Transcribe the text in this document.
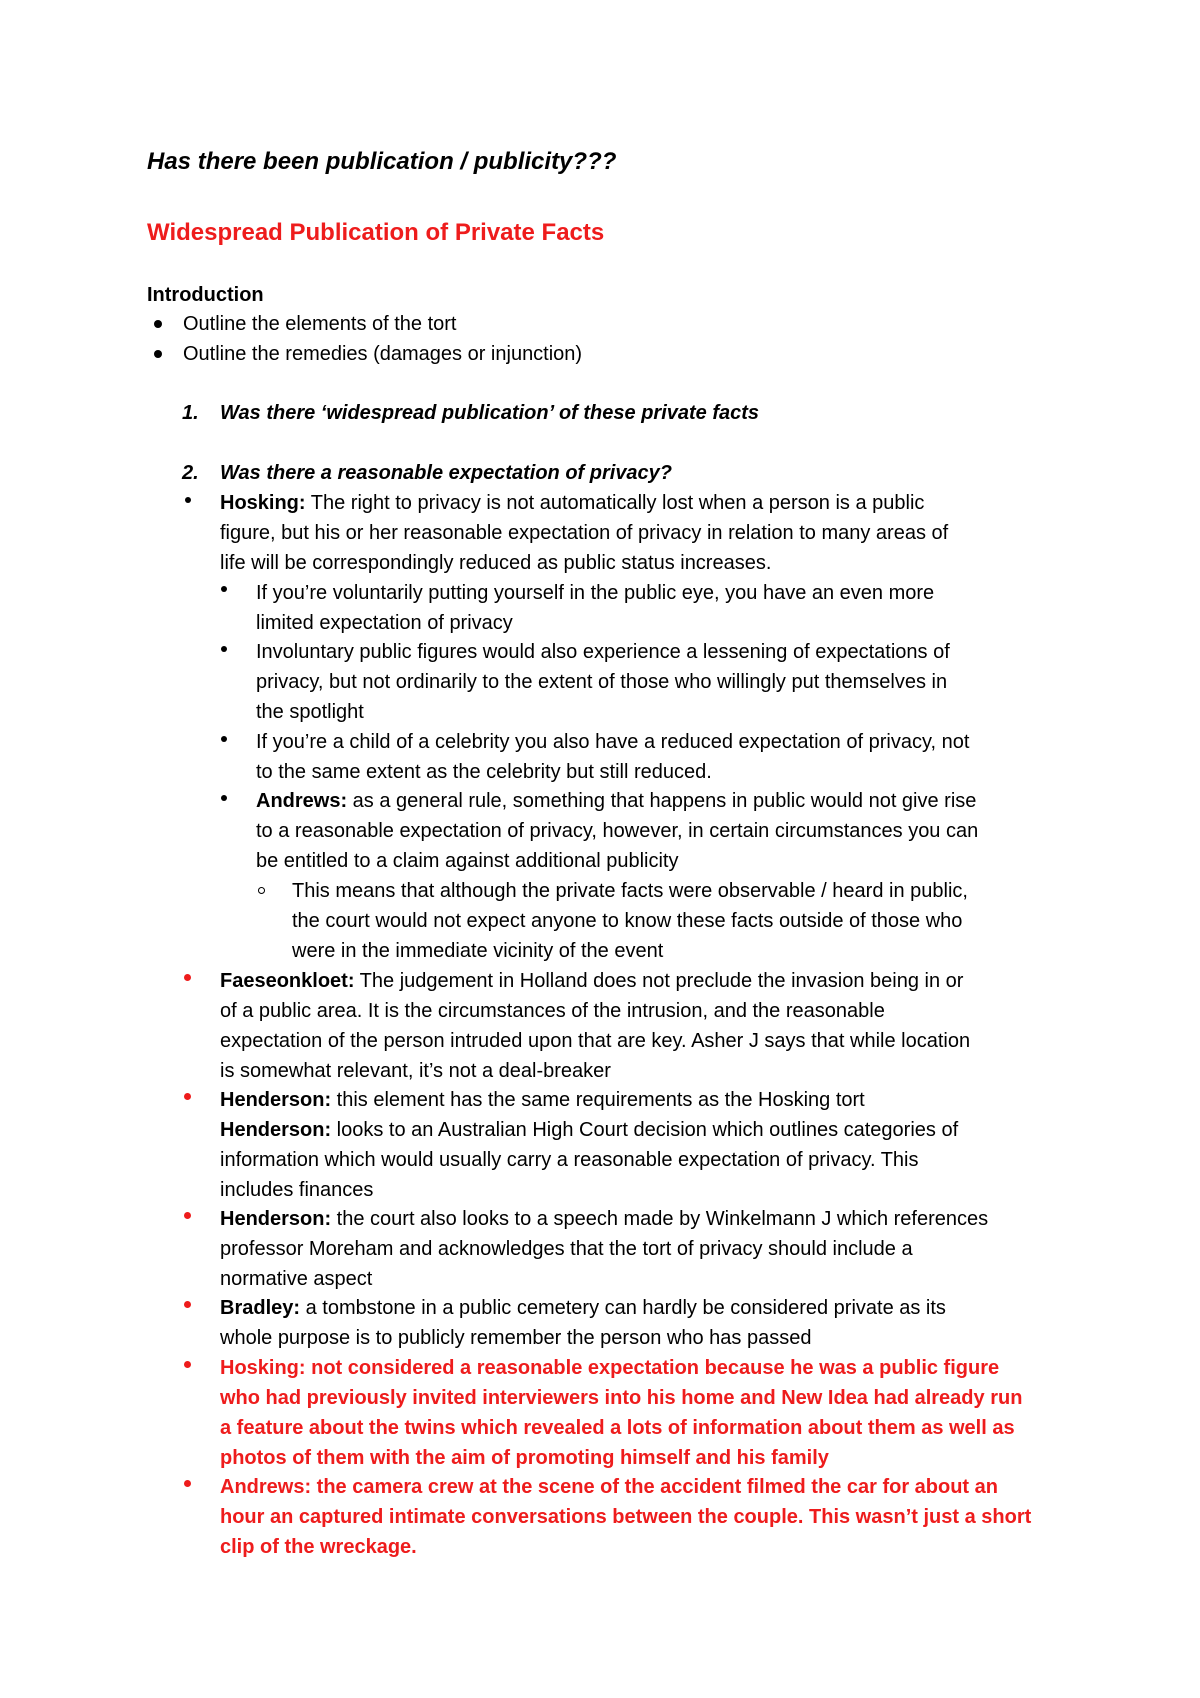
Has there been publication / publicity???
Widespread Publication of Private Facts
Introduction
Outline the elements of the tort
Outline the remedies (damages or injunction)
1. Was there ‘widespread publication’ of these private facts
2. Was there a reasonable expectation of privacy?
Hosking: The right to privacy is not automatically lost when a person is a public
figure, but his or her reasonable expectation of privacy in relation to many areas of
life will be correspondingly reduced as public status increases.
If you’re voluntarily putting yourself in the public eye, you have an even more
limited expectation of privacy
Involuntary public figures would also experience a lessening of expectations of
privacy, but not ordinarily to the extent of those who willingly put themselves in
the spotlight
If you’re a child of a celebrity you also have a reduced expectation of privacy, not
to the same extent as the celebrity but still reduced.
Andrews: as a general rule, something that happens in public would not give rise
to a reasonable expectation of privacy, however, in certain circumstances you can
be entitled to a claim against additional publicity
This means that although the private facts were observable / heard in public,
the court would not expect anyone to know these facts outside of those who
were in the immediate vicinity of the event
Faeseonkloet: The judgement in Holland does not preclude the invasion being in or
of a public area. It is the circumstances of the intrusion, and the reasonable
expectation of the person intruded upon that are key. Asher J says that while location
is somewhat relevant, it’s not a deal-breaker
Henderson: this element has the same requirements as the Hosking tort
Henderson: looks to an Australian High Court decision which outlines categories of
information which would usually carry a reasonable expectation of privacy. This
includes finances
Henderson: the court also looks to a speech made by Winkelmann J which references
professor Moreham and acknowledges that the tort of privacy should include a
normative aspect
Bradley: a tombstone in a public cemetery can hardly be considered private as its
whole purpose is to publicly remember the person who has passed
Hosking: not considered a reasonable expectation because he was a public figure
who had previously invited interviewers into his home and New Idea had already run
a feature about the twins which revealed a lots of information about them as well as
photos of them with the aim of promoting himself and his family
Andrews: the camera crew at the scene of the accident filmed the car for about an
hour an captured intimate conversations between the couple. This wasn’t just a short
clip of the wreckage.
